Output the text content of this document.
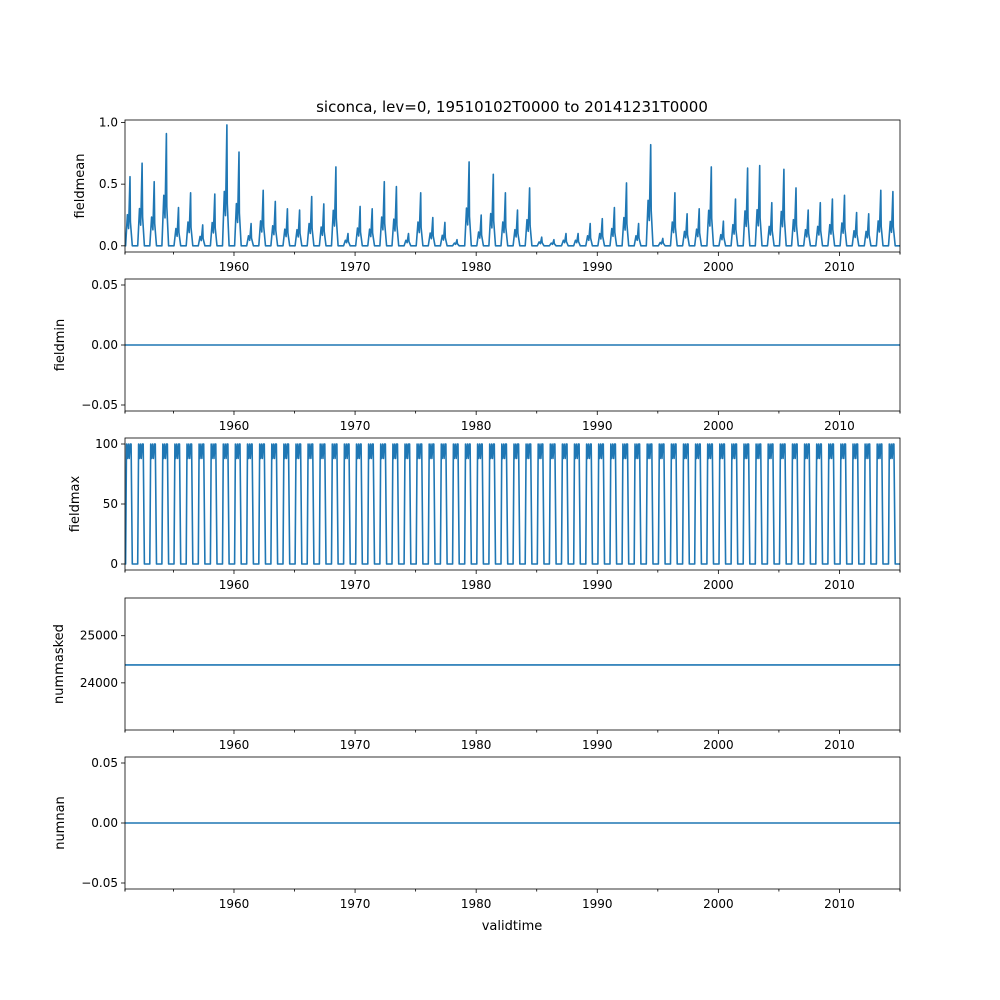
siconca, lev=0, 19510102T0000 to 20141231T0000
0.0
0.5
1.0
1960	1970	1980	1990	2000	2010
fieldmean
−0.05
0.00
0.05
1960	1970	1980	1990	2000	2010
fieldmin
0
50
100
1960	1970	1980	1990	2000	2010
fieldmax
24000
25000
1960	1970	1980	1990	2000	2010
nummasked
−0.05
0.00
0.05
1960	1970	1980	1990	2000	2010
numnan
validtime
